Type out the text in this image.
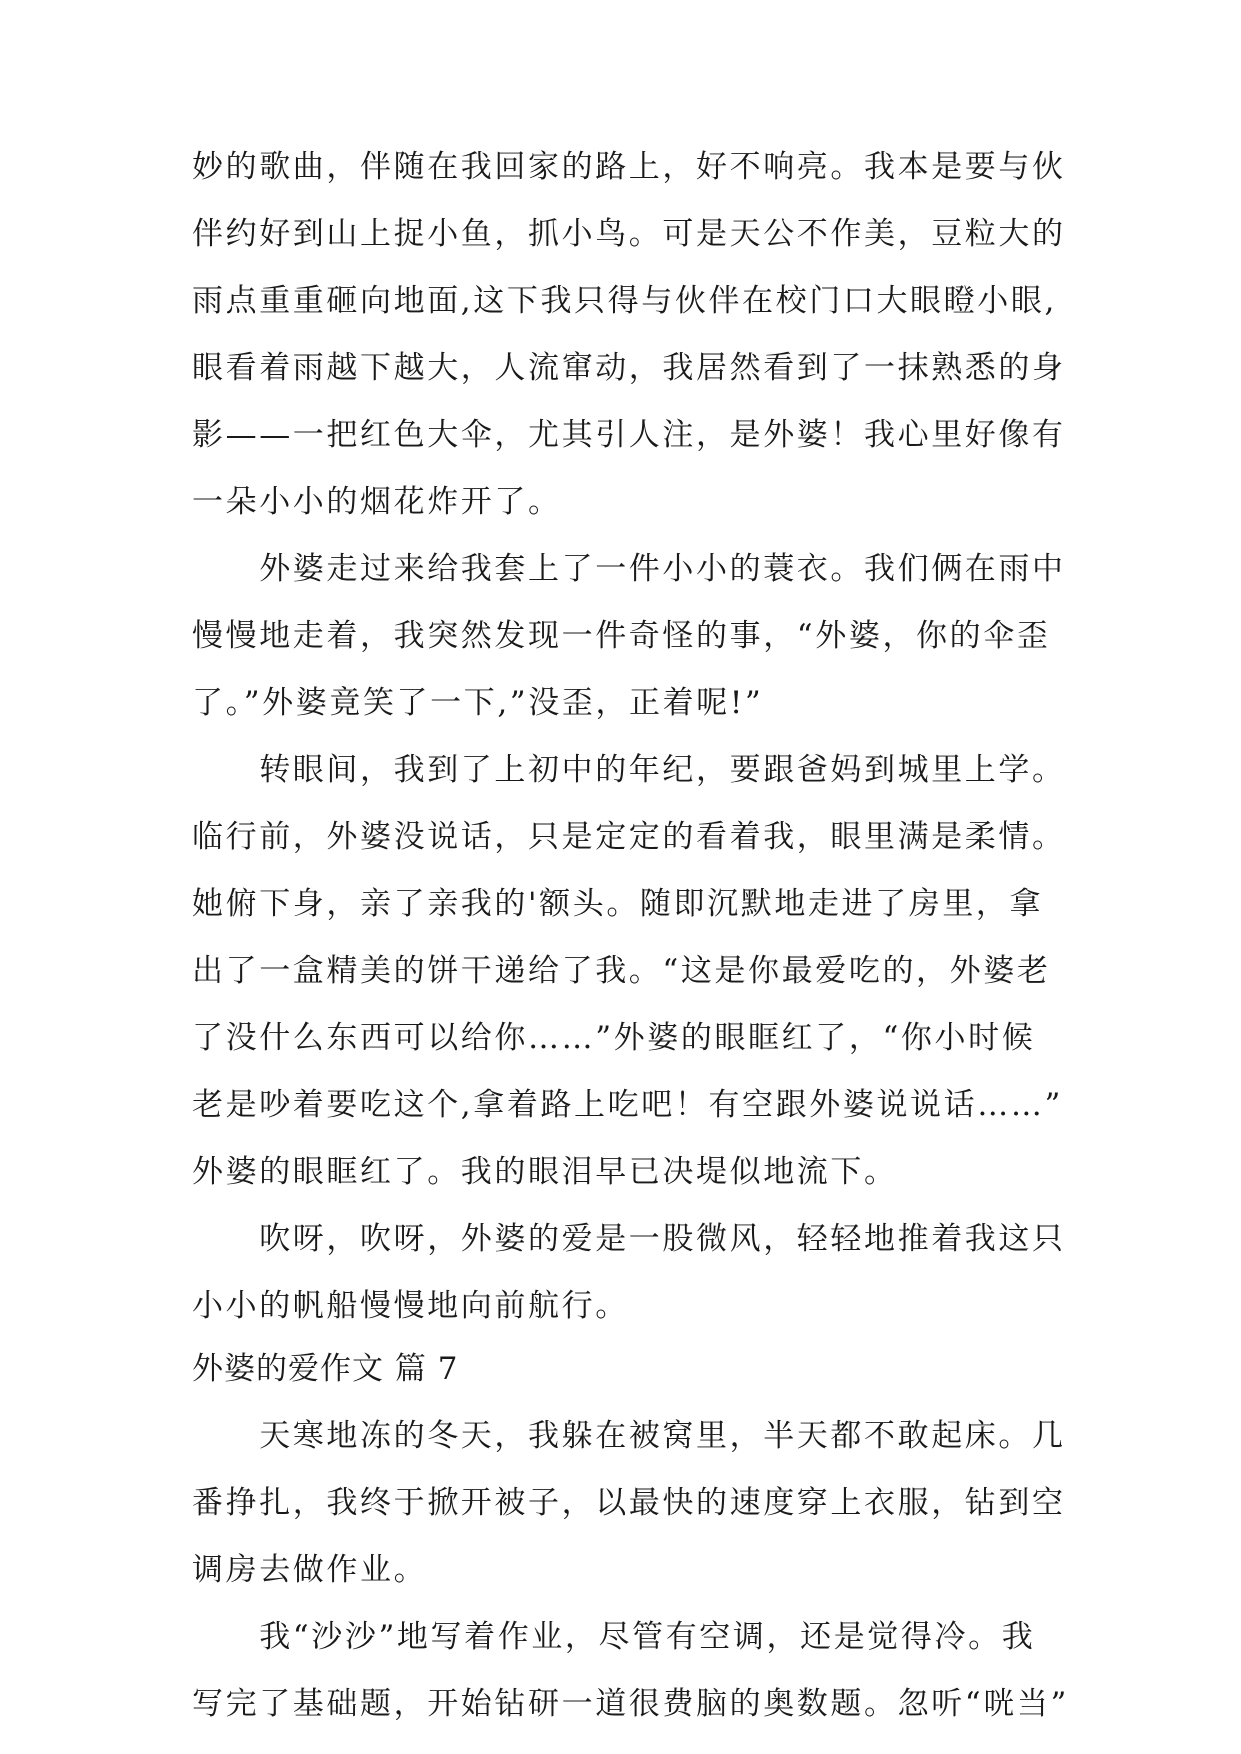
妙的歌曲，伴随在我回家的路上，好不响亮。我本是要与伙
伴约好到山上捉小鱼，抓小鸟。可是天公不作美，豆粒大的
雨点重重砸向地面,这下我只得与伙伴在校门口大眼瞪小眼,
眼看着雨越下越大，人流窜动，我居然看到了一抹熟悉的身
影——一把红色大伞，尤其引人注，是外婆！我心里好像有
一朵小小的烟花炸开了。
　　外婆走过来给我套上了一件小小的蓑衣。我们俩在雨中
慢慢地走着，我突然发现一件奇怪的事，“外婆，你的伞歪
了。”外婆竟笑了一下,”没歪，正着呢!”
　　转眼间，我到了上初中的年纪，要跟爸妈到城里上学。
临行前，外婆没说话，只是定定的看着我，眼里满是柔情。
她俯下身，亲了亲我的'额头。随即沉默地走进了房里，拿
出了一盒精美的饼干递给了我。“这是你最爱吃的，外婆老
了没什么东西可以给你……”外婆的眼眶红了，“你小时候
老是吵着要吃这个,拿着路上吃吧！有空跟外婆说说话……”
外婆的眼眶红了。我的眼泪早已决堤似地流下。
　　吹呀，吹呀，外婆的爱是一股微风，轻轻地推着我这只
小小的帆船慢慢地向前航行。
外婆的爱作文 篇 7
　　天寒地冻的冬天，我躲在被窝里，半天都不敢起床。几
番挣扎，我终于掀开被子，以最快的速度穿上衣服，钻到空
调房去做作业。
　　我“沙沙”地写着作业，尽管有空调，还是觉得冷。我
写完了基础题，开始钻研一道很费脑的奥数题。忽听“咣当”
